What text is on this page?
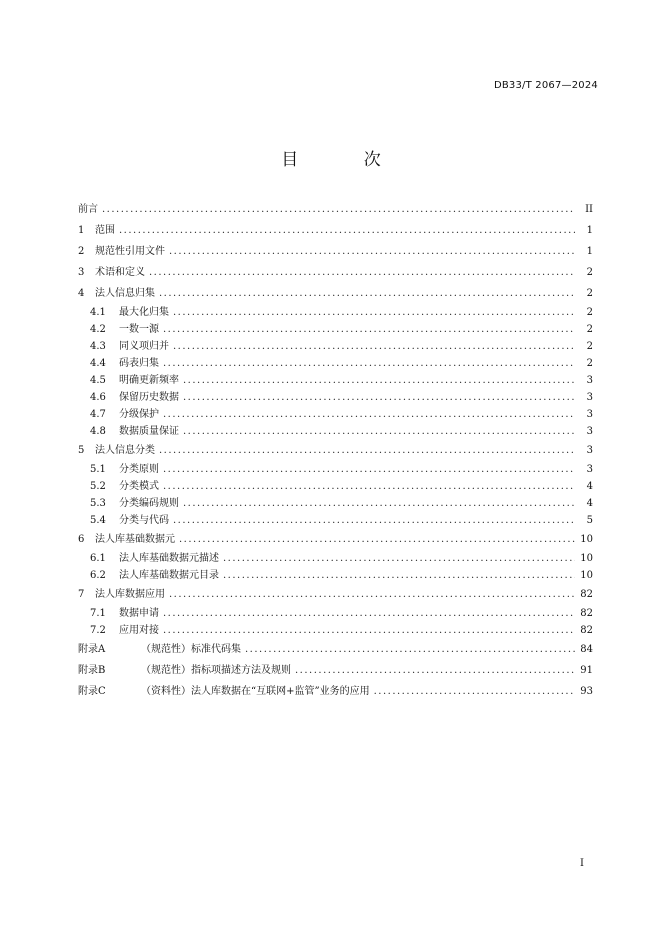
DB33/T 2067—2024
目 次
前言 .....	II
1	范围 .....	1
2	规范性引用文件 .....	1
3	术语和定义 .....	2
4	法人信息归集 .....	2
4.1	最大化归集 .....	2
4.2	一数一源 .....	2
4.3	同义项归并 .....	2
4.4	码表归集 .....	2
4.5	明确更新频率 .....	3
4.6	保留历史数据 .....	3
4.7	分级保护 .....	3
4.8	数据质量保证 .....	3
5	法人信息分类 .....	3
5.1	分类原则 .....	3
5.2	分类模式 .....	4
5.3	分类编码规则 .....	4
5.4	分类与代码 .....	5
6	法人库基础数据元 .....	10
6.1	法人库基础数据元描述 .....	10
6.2	法人库基础数据元目录 .....	10
7	法人库数据应用 .....	82
7.1	数据申请 .....	82
7.2	应用对接 .....	82
附录A	（规范性） 标准代码集 .....	84
附录B	（规范性） 指标项描述方法及规则 .....	91
附录C	（资料性） 法人库数据在“互联网+监管”业务的应用 .....	93
I
